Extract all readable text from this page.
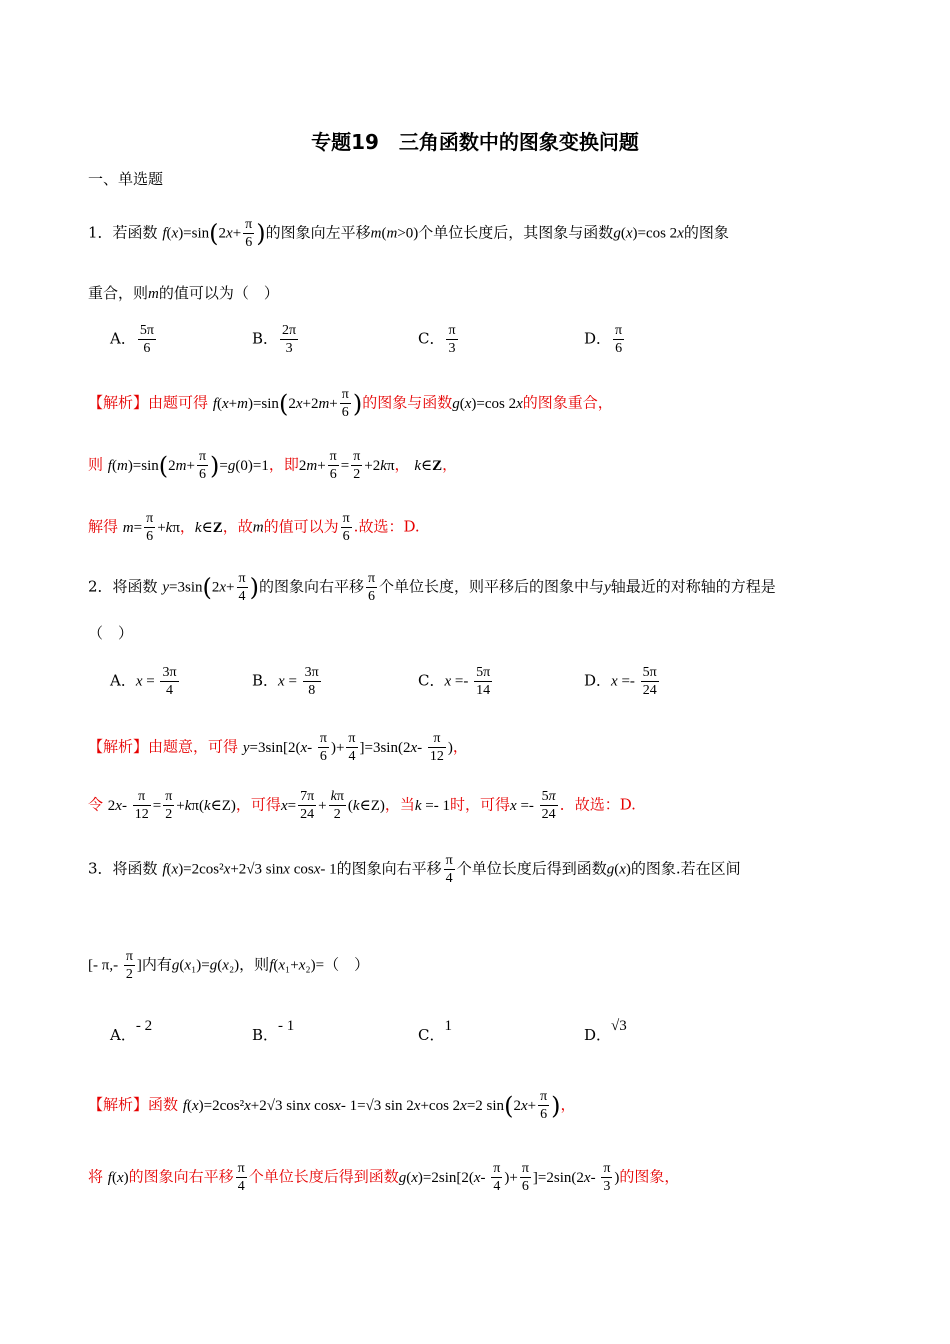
专题19　三角函数中的图象变换问题
一、单选题
1．若函数 $f(x)=\sin(2x+ \frac{\pi}{6}$ )的图象向左平移m(m>0)个单位长度后，其图象与函数g(x)=cos 2x的图象
重合，则m的值可以为（　）
A． $\frac{5\pi}{6}$	B． $\frac{2\pi}{3}$	C． $\frac{\pi}{3}$	D． $\frac{\pi}{6}$
【解析】由题可得 $f(x+m)=\sin(2x+2m+ \frac{\pi}{6}$ )的图象与函数g(x)=cos 2x的图象重合，
则 $f(m)=\sin(2m+ \frac{\pi}{6} )=g(0)=1$，即$2m+ \frac{\pi}{6} = \frac{\pi}{2} +2k\pi$， k∈Z，
解得 $m= \frac{\pi}{6} +k\pi$，k∈Z，故m的值可以为 $\frac{\pi}{6}$ .故选：D.
2．将函数 $y=3\sin(2x+ \frac{\pi}{4}$ )的图象向右平移 $\frac{\pi}{6}$ 个单位长度，则平移后的图象中与y轴最近的对称轴的方程是
（　）
A．$x = \frac{3\pi}{4}$	B．$x = \frac{3\pi}{8}$	C．$x =- \frac{5\pi}{14}$	D．$x =- \frac{5\pi}{24}$
【解析】由题意，可得 $y=3\sin[2(x- \frac{\pi}{6}$ )+ $\frac{\pi}{4} ]=3\sin(2x- \frac{\pi}{12}$ )，
令 $2x- \frac{\pi}{12} = \frac{\pi}{2}$ +kπ(k∈Z)，可得$x= \frac{7\pi}{24} + \frac{k\pi}{2}$ (k∈Z)，当k =- 1时，可得$x =- \frac{5\pi}{24}$ ．故选：D.
3．将函数 f(x)=2cos²x+2√3 sinx cosx- 1的图象向右平移 $\frac{\pi}{4}$ 个单位长度后得到函数g(x)的图象.若在区间
[- $\pi,- \frac{\pi}{2}$ ]内有g(x₁)=g(x₂)，则f(x₁+x₂)=（　）
A．- 2	B．- 1	C．1	D．√3
【解析】函数 f(x)=2cos²x+2√3 sinx cosx- 1=√3 sin 2x+cos 2x=2 $\sin(2x+ \frac{\pi}{6}$ )，
将 f(x)的图象向右平移 $\frac{\pi}{4}$ 个单位长度后得到函数$g(x)=2\sin[2(x- \frac{\pi}{4}$ )+ $\frac{\pi}{6} ]=2\sin(2x- \frac{\pi}{3}$ )的图象，
